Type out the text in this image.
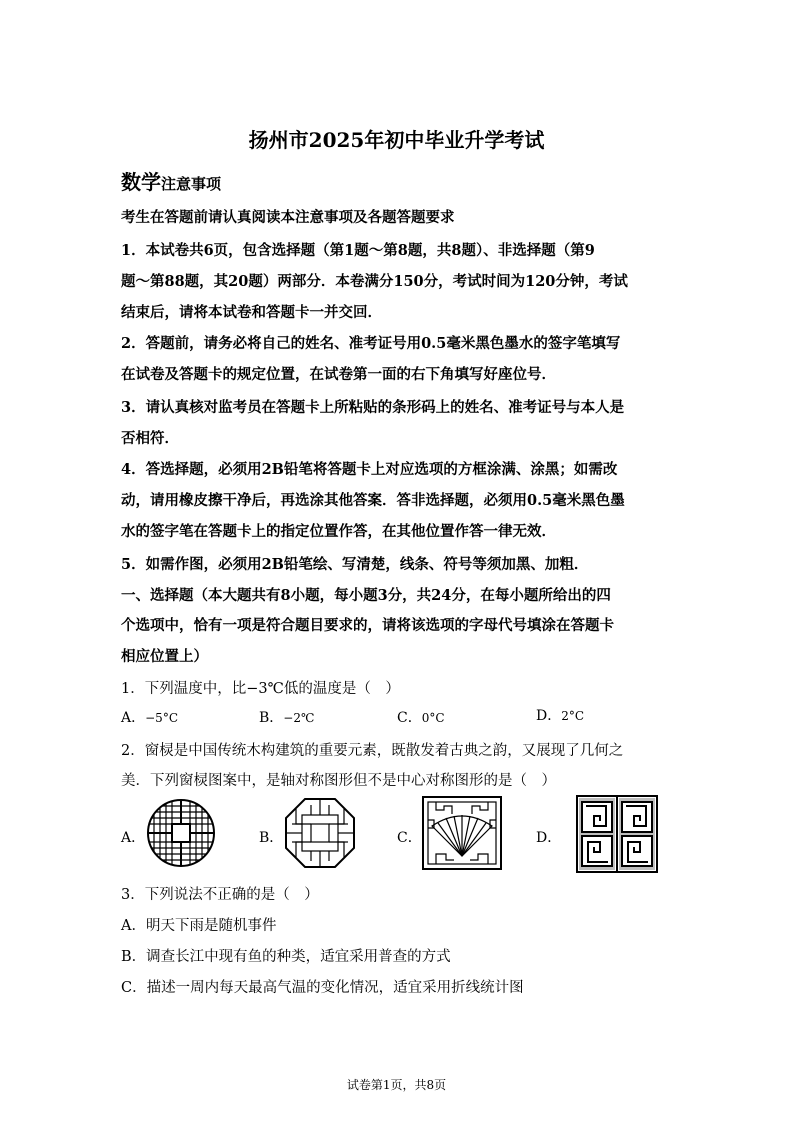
扬州市2025年初中毕业升学考试
数学注意事项
考生在答题前请认真阅读本注意事项及各题答题要求
1．本试卷共6页，包含选择题（第1题～第8题，共8题）、非选择题（第9
题～第88题，其20题）两部分．本卷满分150分，考试时间为120分钟，考试
结束后，请将本试卷和答题卡一并交回．
2．答题前，请务必将自己的姓名、准考证号用0.5毫米黑色墨水的签字笔填写
在试卷及答题卡的规定位置，在试卷第一面的右下角填写好座位号．
3．请认真核对监考员在答题卡上所粘贴的条形码上的姓名、准考证号与本人是
否相符．
4．答选择题，必须用2B铅笔将答题卡上对应选项的方框涂满、涂黑；如需改
动，请用橡皮擦干净后，再选涂其他答案．答非选择题，必须用0.5毫米黑色墨
水的签字笔在答题卡上的指定位置作答，在其他位置作答一律无效．
5．如需作图，必须用2B铅笔绘、写清楚，线条、符号等须加黑、加粗．
一、选择题（本大题共有8小题，每小题3分，共24分，在每小题所给出的四
个选项中，恰有一项是符合题目要求的，请将该选项的字母代号填涂在答题卡
相应位置上）
1．下列温度中，比−3℃低的温度是（　）
A．−5°C	B．−2℃	C．0°C	D．2°C
2．窗棂是中国传统木构建筑的重要元素，既散发着古典之韵，又展现了几何之
美．下列窗棂图案中，是轴对称图形但不是中心对称图形的是（　）
A．	B．	C．	D．
3．下列说法不正确的是（　）
A．明天下雨是随机事件
B．调查长江中现有鱼的种类，适宜采用普查的方式
C．描述一周内每天最高气温的变化情况，适宜采用折线统计图
试卷第1页，共8页
